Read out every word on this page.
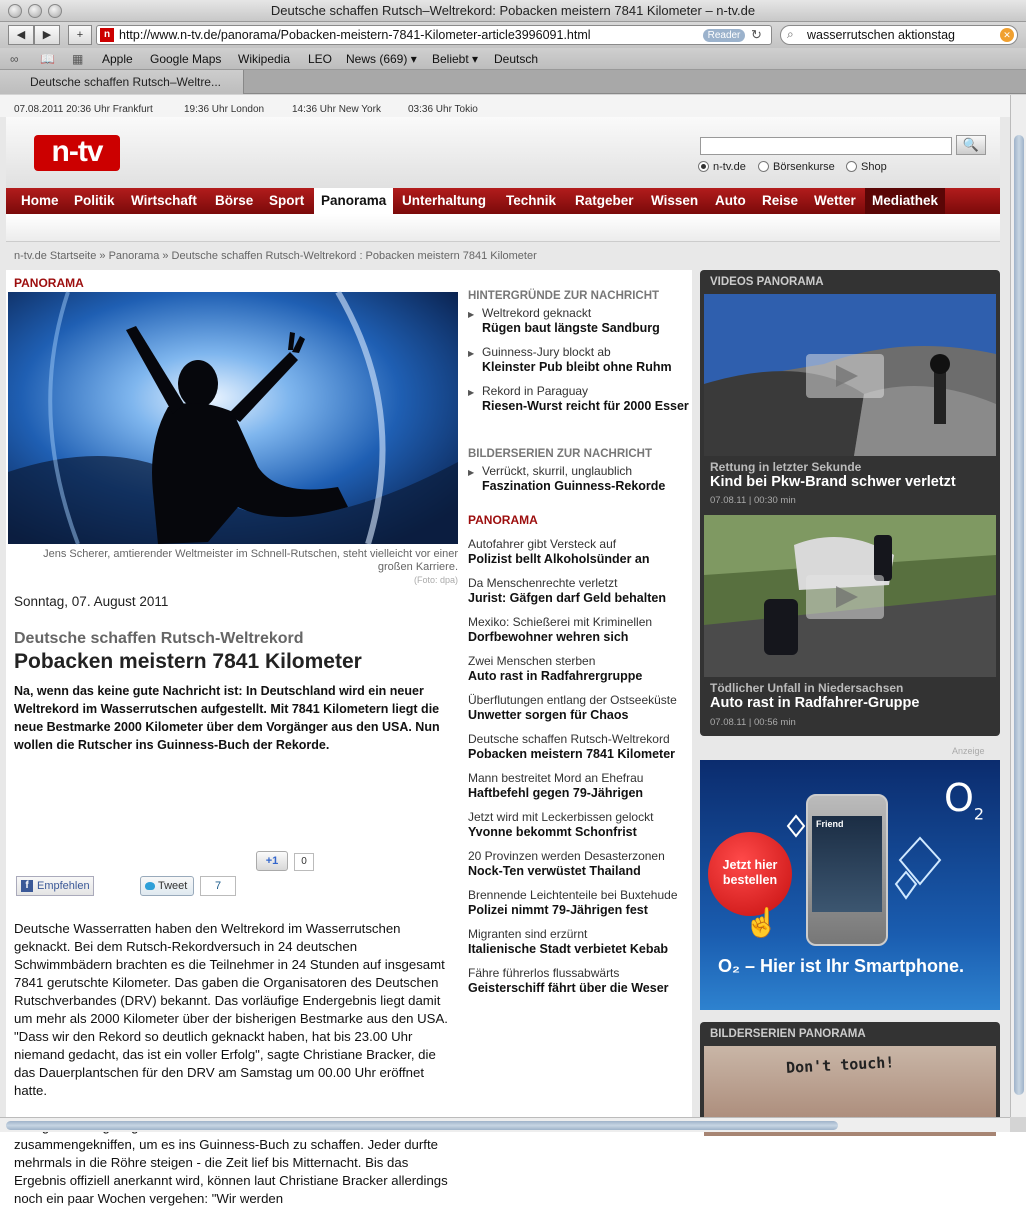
Deutsche schaffen Rutsch–Weltrekord: Pobacken meistern 7841 Kilometer – n-tv.de
◀	▶	+	n http://www.n-tv.de/panorama/Pobacken-meistern-7841-Kilometer-article3996091.html	Reader ↻ ⌕ wasserrutschen aktionstag	✕
∞ 📖 ▦ Apple Google Maps Wikipedia LEO News (669) ▾ Beliebt ▾ Deutsch
Deutsche schaffen Rutsch–Weltre...
07.08.2011 20:36 Uhr Frankfurt	19:36 Uhr London	14:36 Uhr New York	03:36 Uhr Tokio
n-tv	🔍
n-tv.de	Börsenkurse	Shop
Home	Politik	Wirtschaft	Börse	Sport	Panorama	Unterhaltung	Technik	Ratgeber	Wissen	Auto	Reise	Wetter	Mediathek
n-tv.de Startseite » Panorama » Deutsche schaffen Rutsch-Weltrekord : Pobacken meistern 7841 Kilometer
PANORAMA
Jens Scherer, amtierender Weltmeister im Schnell-Rutschen, steht vielleicht vor einer großen Karriere.
(Foto: dpa)
Sonntag, 07. August 2011
Deutsche schaffen Rutsch-Weltrekord
Pobacken meistern 7841 Kilometer
Na, wenn das keine gute Nachricht ist: In Deutschland wird ein neuer Weltrekord im Wasserrutschen aufgestellt. Mit 7841 Kilometern liegt die neue Bestmarke 2000 Kilometer über dem Vorgänger aus den USA. Nun wollen die Rutscher ins Guinness-Buch der Rekorde.
f Empfehlen	Tweet	7
+1	0

Deutsche Wasserratten haben den Weltrekord im Wasserrutschen geknackt. Bei dem Rutsch-Rekordversuch in 24 deutschen Schwimmbädern brachten es die Teilnehmer in 24 Stunden auf insgesamt 7841 gerutschte Kilometer. Das gaben die Organisatoren des Deutschen Rutschverbandes (DRV) bekannt. Das vorläufige Endergebnis liegt damit um mehr als 2000 Kilometer über der bisherigen Bestmarke aus den USA. "Dass wir den Rekord so deutlich geknackt haben, hat bis 23.00 Uhr niemand gedacht, das ist ein voller Erfolg", sagte Christiane Bracker, die das Dauerplantschen für den DRV am Samstag um 00.00 Uhr eröffnet hatte.

zusammengekniffen, um es ins Guinness-Buch zu schaffen. Jeder durfte mehrmals in die Röhre steigen - die Zeit lief bis Mitternacht. Bis das Ergebnis offiziell anerkannt wird, können laut Christiane Bracker allerdings noch ein paar Wochen vergehen: "Wir werden

HINTERGRÜNDE ZUR NACHRICHT
▶ Weltrekord geknackt
Rügen baut längste Sandburg
▶ Guinness-Jury blockt ab
Kleinster Pub bleibt ohne Ruhm
▶ Rekord in Paraguay
Riesen-Wurst reicht für 2000 Esser
BILDERSERIEN ZUR NACHRICHT
▶ Verrückt, skurril, unglaublich
Faszination Guinness-Rekorde
PANORAMA
Autofahrer gibt Versteck auf
Polizist bellt Alkoholsünder an
Da Menschenrechte verletzt
Jurist: Gäfgen darf Geld behalten
Mexiko: Schießerei mit Kriminellen
Dorfbewohner wehren sich
Zwei Menschen sterben
Auto rast in Radfahrergruppe
Überflutungen entlang der Ostseeküste
Unwetter sorgen für Chaos
Deutsche schaffen Rutsch-Weltrekord
Pobacken meistern 7841 Kilometer
Mann bestreitet Mord an Ehefrau
Haftbefehl gegen 79-Jährigen
Jetzt wird mit Leckerbissen gelockt
Yvonne bekommt Schonfrist
20 Provinzen werden Desasterzonen
Nock-Ten verwüstet Thailand
Brennende Leichtenteile bei Buxtehude
Polizei nimmt 79-Jährigen fest
Migranten sind erzürnt
Italienische Stadt verbietet Kebab
Fähre führerlos flussabwärts
Geisterschiff fährt über die Weser
VIDEOS PANORAMA
Rettung in letzter Sekunde
Kind bei Pkw-Brand schwer verletzt
07.08.11 | 00:30 min
Tödlicher Unfall in Niedersachsen
Auto rast in Radfahrer-Gruppe
07.08.11 | 00:56 min
Anzeige
$O_2$
Friend
Jetzt hier bestellen
☝
O₂ – Hier ist Ihr Smartphone.
BILDERSERIEN PANORAMA
Don't touch!
